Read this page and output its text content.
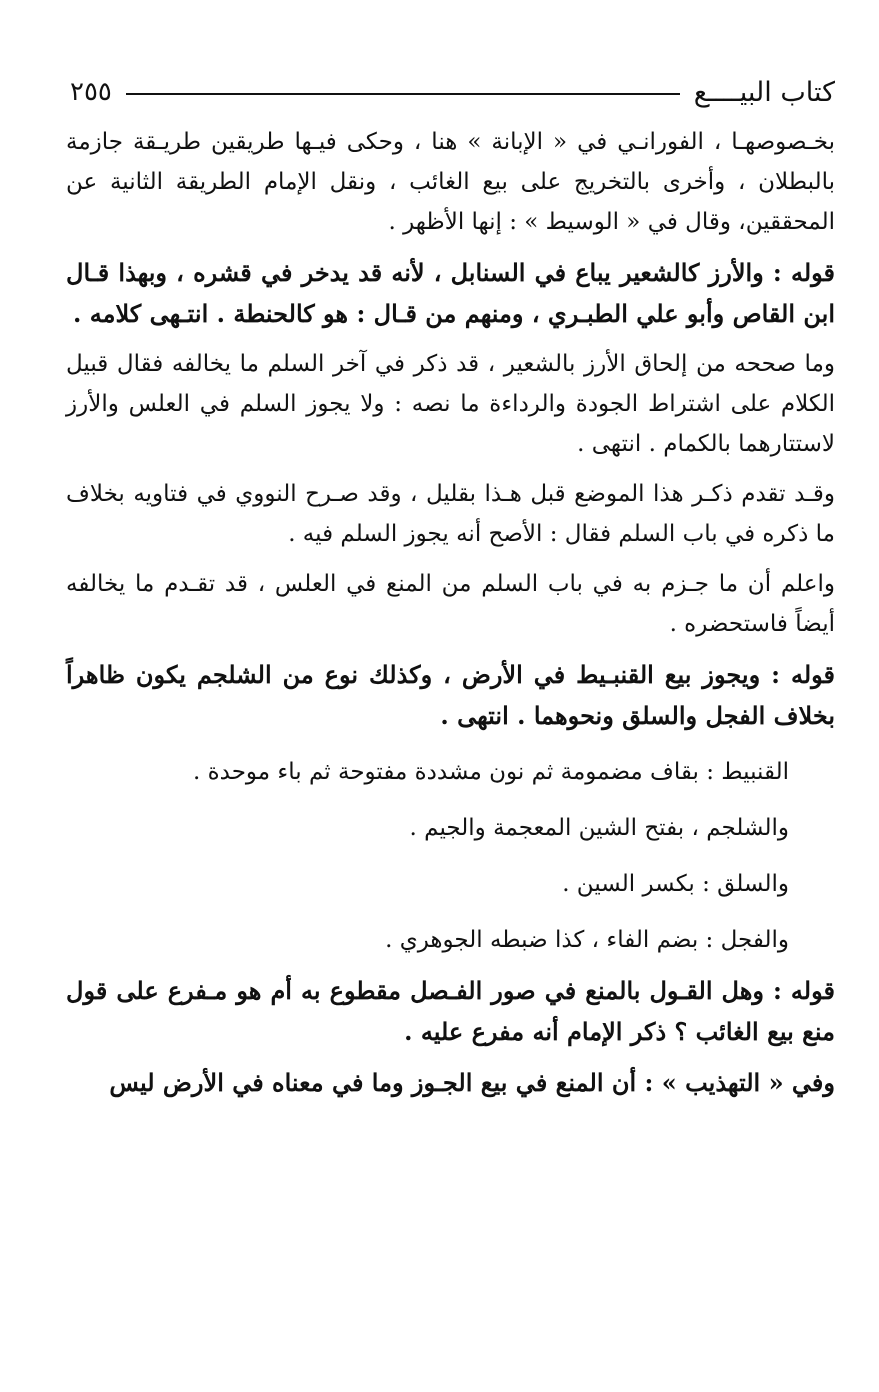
كتاب البيــــع
٢٥٥

بخـصوصهـا ، الفورانـي في « الإبانة » هنا ، وحكى فيـها طريقين طريـقة جازمة بالبطلان ، وأخرى بالتخريج على بيع الغائب ، ونقل الإمام الطريقة الثانية عن المحققين، وقال في « الوسيط » : إنها الأظهر .

قوله : والأرز كالشعير يباع في السنابل ، لأنه قد يدخر في قشره ، وبهذا قـال ابن القاص وأبو علي الطبـري ، ومنهم من قـال : هو كالحنطة . انتـهى كلامه .

وما صححه من إلحاق الأرز بالشعير ، قد ذكر في آخر السلم ما يخالفه فقال قبيل الكلام على اشتراط الجودة والرداءة ما نصه : ولا يجوز السلم في العلس والأرز لاستتارهما بالكمام . انتهى .

وقـد تقدم ذكـر هذا الموضع قبل هـذا بقليل ، وقد صـرح النووي في فتاويه بخلاف ما ذكره في باب السلم فقال : الأصح أنه يجوز السلم فيه .

واعلم أن ما جـزم به في باب السلم من المنع في العلس ، قد تقـدم ما يخالفه أيضاً فاستحضره .

قوله : ويجوز بيع القنبـيط في الأرض ، وكذلك نوع من الشلجم يكون ظاهراً بخلاف الفجل والسلق ونحوهما . انتهى .

القنبيط : بقاف مضمومة ثم نون مشددة مفتوحة ثم باء موحدة .

والشلجم ، بفتح الشين المعجمة والجيم .

والسلق : بكسر السين .

والفجل : بضم الفاء ، كذا ضبطه الجوهري .

قوله : وهل القـول بالمنع في صور الفـصل مقطوع به أم هو مـفرع على قول منع بيع الغائب ؟ ذكر الإمام أنه مفرع عليه .

وفي « التهذيب » : أن المنع في بيع الجـوز وما في معناه في الأرض ليس
